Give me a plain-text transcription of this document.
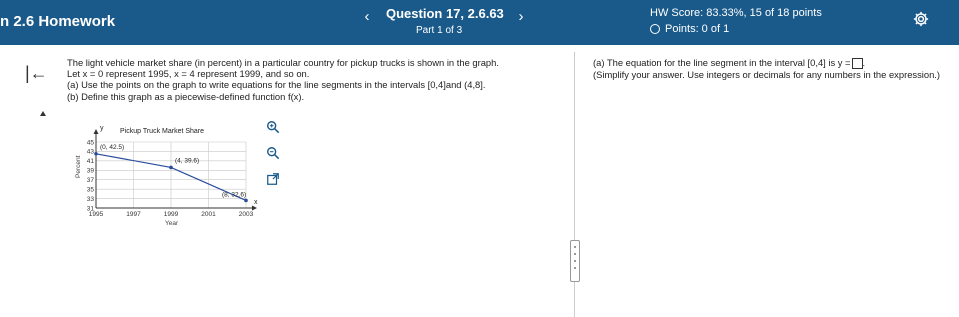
n 2.6 Homework	‹	Question 17, 2.6.63
Part 1 of 3
›	HW Score: 83.33%, 15 of 18 points
Points: 0 of 1
|←
The light vehicle market share (in percent) in a particular country for pickup trucks is shown in the graph.
Let x = 0 represent 1995, x = 4 represent 1999, and so on.
(a) Use the points on the graph to write equations for the line segments in the intervals [0,4]and (4,8].
(b) Define this graph as a piecewise-defined function f(x).
Pickup Truck Market Share
y
x
Year
Percent
31
33
35
37
39
41
43
45
1995	1997	1999	2001	2003
(0, 42.5)
(4, 39.6)
(8, 32.6)
(a) The equation for the line segment in the interval [0,4] is y = .
(Simplify your answer. Use integers or decimals for any numbers in the expression.)
